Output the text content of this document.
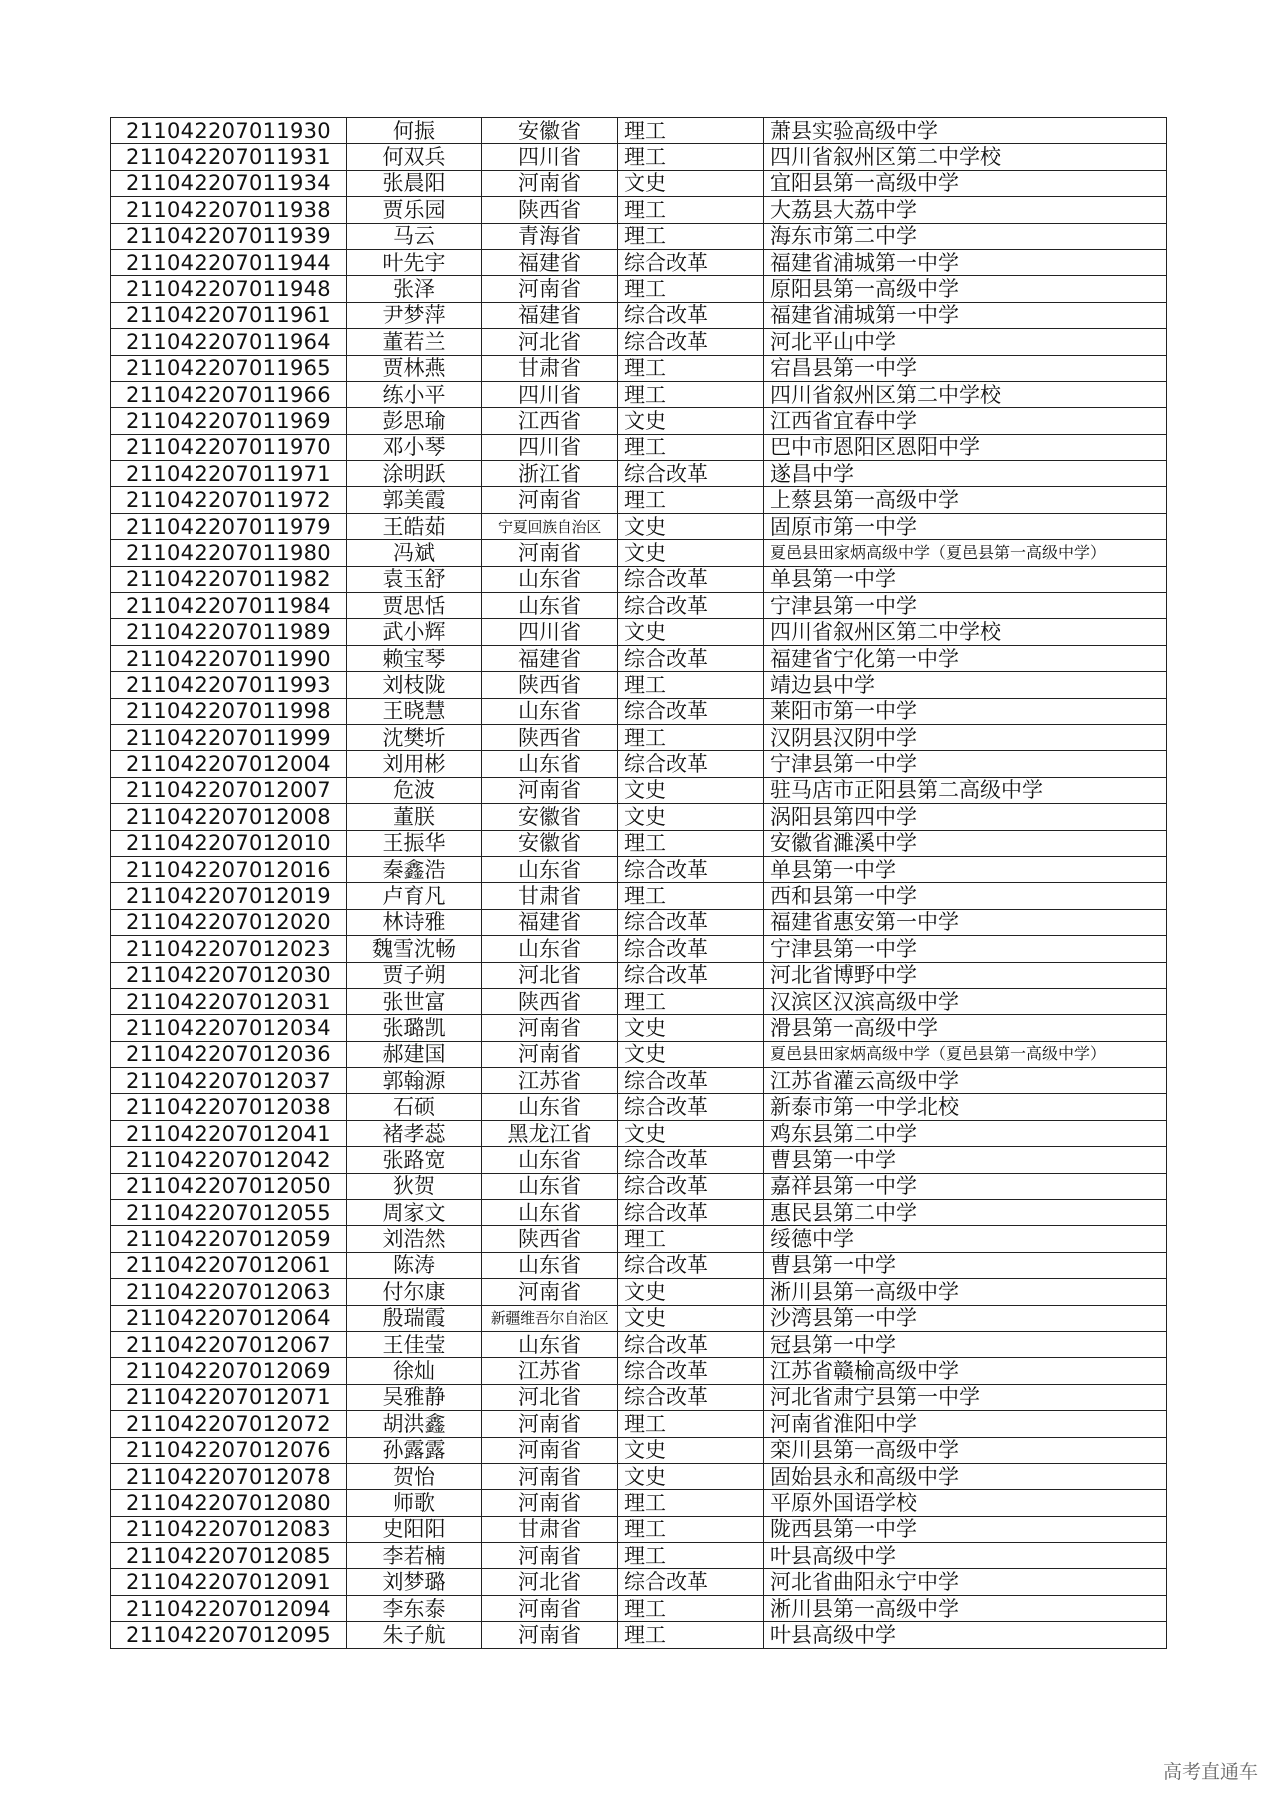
211042207011930	何振	安徽省	理工	萧县实验高级中学
211042207011931	何双兵	四川省	理工	四川省叙州区第二中学校
211042207011934	张晨阳	河南省	文史	宜阳县第一高级中学
211042207011938	贾乐园	陕西省	理工	大荔县大荔中学
211042207011939	马云	青海省	理工	海东市第二中学
211042207011944	叶先宇	福建省	综合改革	福建省浦城第一中学
211042207011948	张泽	河南省	理工	原阳县第一高级中学
211042207011961	尹梦萍	福建省	综合改革	福建省浦城第一中学
211042207011964	董若兰	河北省	综合改革	河北平山中学
211042207011965	贾林燕	甘肃省	理工	宕昌县第一中学
211042207011966	练小平	四川省	理工	四川省叙州区第二中学校
211042207011969	彭思瑜	江西省	文史	江西省宜春中学
211042207011970	邓小琴	四川省	理工	巴中市恩阳区恩阳中学
211042207011971	涂明跃	浙江省	综合改革	遂昌中学
211042207011972	郭美霞	河南省	理工	上蔡县第一高级中学
211042207011979	王皓茹	宁夏回族自治区	文史	固原市第一中学
211042207011980	冯斌	河南省	文史	夏邑县田家炳高级中学（夏邑县第一高级中学）
211042207011982	袁玉舒	山东省	综合改革	单县第一中学
211042207011984	贾思恬	山东省	综合改革	宁津县第一中学
211042207011989	武小辉	四川省	文史	四川省叙州区第二中学校
211042207011990	赖宝琴	福建省	综合改革	福建省宁化第一中学
211042207011993	刘枝陇	陕西省	理工	靖边县中学
211042207011998	王晓慧	山东省	综合改革	莱阳市第一中学
211042207011999	沈樊圻	陕西省	理工	汉阴县汉阴中学
211042207012004	刘用彬	山东省	综合改革	宁津县第一中学
211042207012007	危波	河南省	文史	驻马店市正阳县第二高级中学
211042207012008	董朕	安徽省	文史	涡阳县第四中学
211042207012010	王振华	安徽省	理工	安徽省濉溪中学
211042207012016	秦鑫浩	山东省	综合改革	单县第一中学
211042207012019	卢育凡	甘肃省	理工	西和县第一中学
211042207012020	林诗雅	福建省	综合改革	福建省惠安第一中学
211042207012023	魏雪沈畅	山东省	综合改革	宁津县第一中学
211042207012030	贾子朔	河北省	综合改革	河北省博野中学
211042207012031	张世富	陕西省	理工	汉滨区汉滨高级中学
211042207012034	张璐凯	河南省	文史	滑县第一高级中学
211042207012036	郝建国	河南省	文史	夏邑县田家炳高级中学（夏邑县第一高级中学）
211042207012037	郭翰源	江苏省	综合改革	江苏省灌云高级中学
211042207012038	石硕	山东省	综合改革	新泰市第一中学北校
211042207012041	褚孝蕊	黑龙江省	文史	鸡东县第二中学
211042207012042	张路宽	山东省	综合改革	曹县第一中学
211042207012050	狄贺	山东省	综合改革	嘉祥县第一中学
211042207012055	周家文	山东省	综合改革	惠民县第二中学
211042207012059	刘浩然	陕西省	理工	绥德中学
211042207012061	陈涛	山东省	综合改革	曹县第一中学
211042207012063	付尔康	河南省	文史	淅川县第一高级中学
211042207012064	殷瑞霞	新疆维吾尔自治区	文史	沙湾县第一中学
211042207012067	王佳莹	山东省	综合改革	冠县第一中学
211042207012069	徐灿	江苏省	综合改革	江苏省赣榆高级中学
211042207012071	吴雅静	河北省	综合改革	河北省肃宁县第一中学
211042207012072	胡洪鑫	河南省	理工	河南省淮阳中学
211042207012076	孙露露	河南省	文史	栾川县第一高级中学
211042207012078	贺怡	河南省	文史	固始县永和高级中学
211042207012080	师歌	河南省	理工	平原外国语学校
211042207012083	史阳阳	甘肃省	理工	陇西县第一中学
211042207012085	李若楠	河南省	理工	叶县高级中学
211042207012091	刘梦璐	河北省	综合改革	河北省曲阳永宁中学
211042207012094	李东泰	河南省	理工	淅川县第一高级中学
211042207012095	朱子航	河南省	理工	叶县高级中学
高考直通车
